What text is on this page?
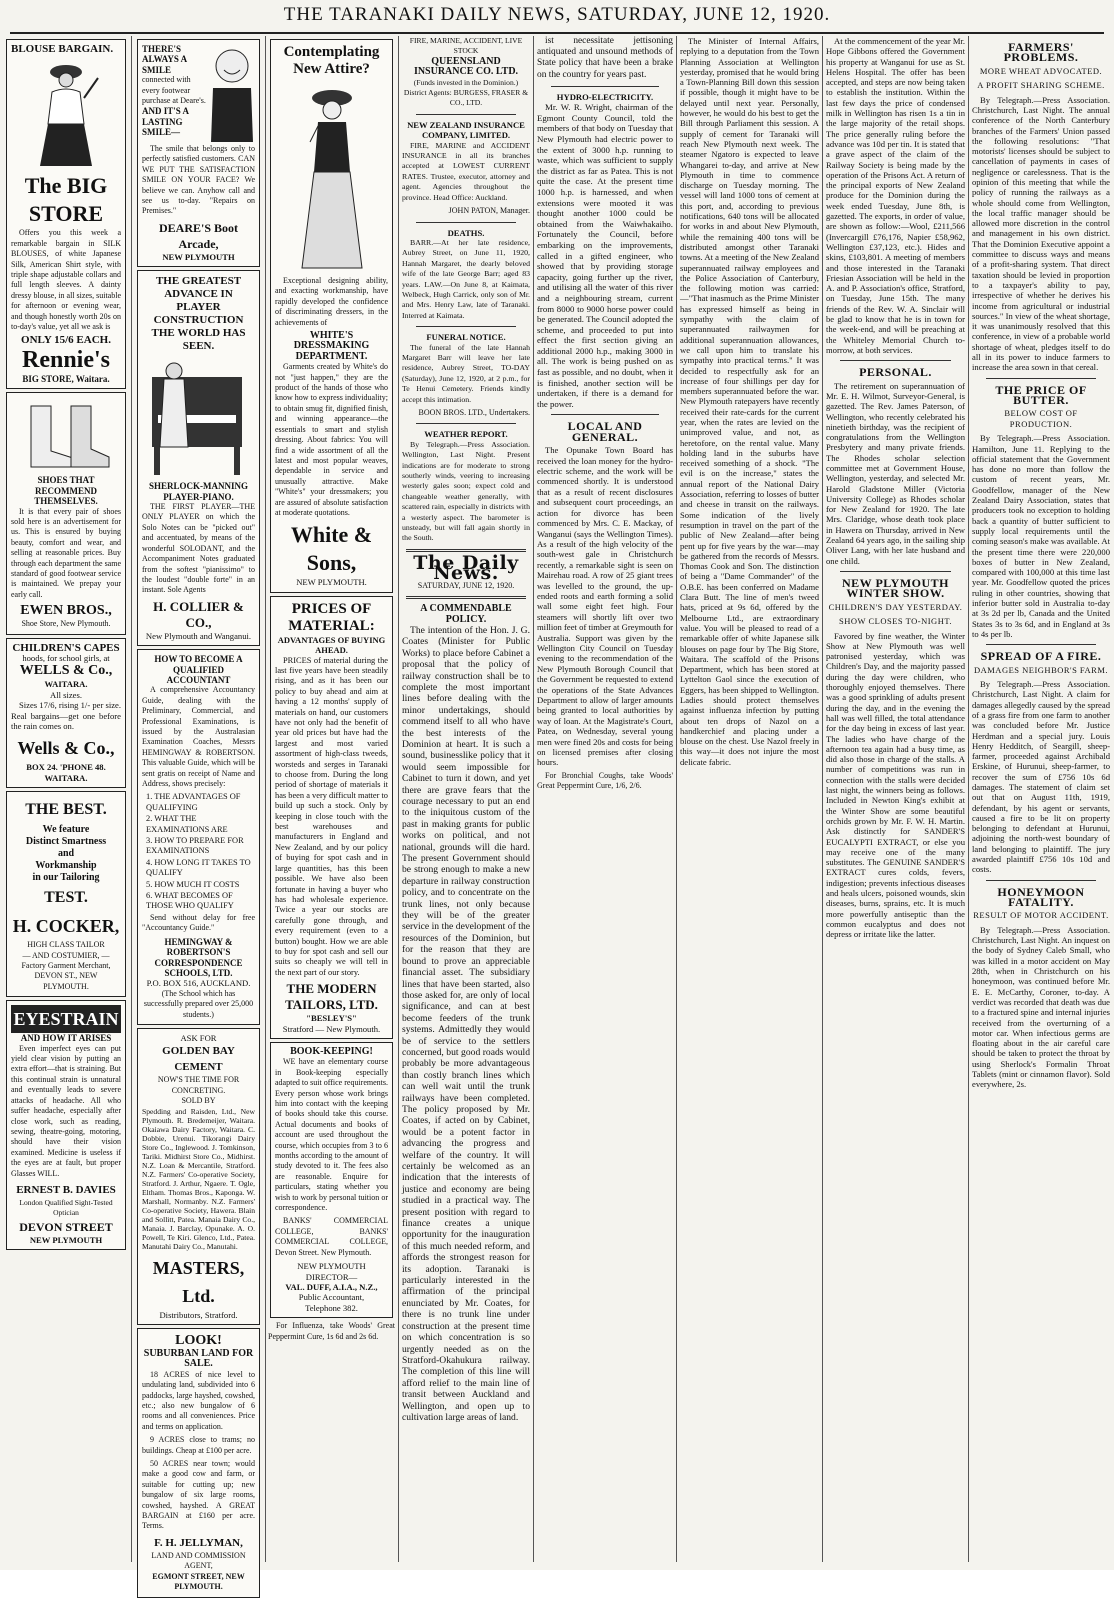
THE TARANAKI DAILY NEWS, SATURDAY, JUNE 12, 1920.
BLOUSE BARGAIN.
The BIG STORE

Offers you this week a remarkable bargain in SILK BLOUSES, of white Japanese Silk, American Shirt style, with triple shape adjustable collars and full length sleeves. A dainty dressy blouse, in all sizes, suitable for afternoon or evening wear, and though honestly worth 20s on to-day's value, yet all we ask is

ONLY 15/6 EACH.
Rennie's
BIG STORE, Waitara.
SHOES THAT RECOMMEND THEMSELVES.

It is that every pair of shoes sold here is an advertisement for us. This is ensured by buying beauty, comfort and wear, and selling at reasonable prices. Buy through each department the same standard of good footwear service is maintained. We prepay your early call.

EWEN BROS.,
Shoe Store, New Plymouth.
CHILDREN'S CAPES
hoods, for school girls, at
WELLS & Co.,
WAITARA.
All sizes.

Sizes 17/6, rising 1/- per size. Real bargains—get one before the rain comes on.

Wells & Co.,
BOX 24. 'PHONE 48.
WAITARA.
THE BEST.
We feature
Distinct Smartness
and
Workmanship
in our Tailoring
TEST.
H. COCKER,
HIGH CLASS TAILOR
— AND COSTUMIER, —
Factory Garment Merchant,
DEVON ST., NEW PLYMOUTH.
EYESTRAIN
AND HOW IT ARISES

Even imperfect eyes can put yield clear vision by putting an extra effort—that is straining. But this continual strain is unnatural and eventually leads to severe attacks of headache. All who suffer headache, especially after close work, such as reading, sewing, theatre-going, motoring, should have their vision examined. Medicine is useless if the eyes are at fault, but proper Glasses WILL.

ERNEST B. DAVIES
London Qualified Sight-Tested Optician
DEVON STREET
NEW PLYMOUTH
THERE'S
ALWAYS A
SMILE
connected with every footwear purchase at Deare's.
AND IT'S A
LASTING
SMILE—

The smile that belongs only to perfectly satisfied customers. CAN WE PUT THE SATISFACTION SMILE ON YOUR FACE? We believe we can. Anyhow call and see us to-day. "Repairs on Premises."

DEARE'S Boot Arcade,
NEW PLYMOUTH
THE GREATEST ADVANCE IN PLAYER CONSTRUCTION THE WORLD HAS SEEN.
SHERLOCK-MANNING PLAYER-PIANO.

THE FIRST PLAYER—THE ONLY PLAYER on which the Solo Notes can be "picked out" and accentuated, by means of the wonderful SOLODANT, and the Accompaniment Notes graduated from the softest "pianissimo" to the loudest "double forte" in an instant. Sole Agents

H. COLLIER & CO.,
New Plymouth and Wanganui.
HOW TO BECOME A QUALIFIED ACCOUNTANT

A comprehensive Accountancy Guide, dealing with the Preliminary, Commercial, and Professional Examinations, is issued by the Australasian Examination Coaches, Messrs HEMINGWAY & ROBERTSON. This valuable Guide, which will be sent gratis on receipt of Name and Address, shows precisely:

1. THE ADVANTAGES OF QUALIFYING
2. WHAT THE EXAMINATIONS ARE
3. HOW TO PREPARE FOR EXAMINATIONS
4. HOW LONG IT TAKES TO QUALIFY
5. HOW MUCH IT COSTS
6. WHAT BECOMES OF THOSE WHO QUALIFY

Send without delay for free "Accountancy Guide."

HEMINGWAY & ROBERTSON'S CORRESPONDENCE SCHOOLS, LTD.
P.O. BOX 516, AUCKLAND.
(The School which has successfully prepared over 25,000 students.)
ASK FOR
GOLDEN BAY CEMENT
NOW'S THE TIME FOR CONCRETING.
SOLD BY

Spedding and Raisden, Ltd., New Plymouth. R. Bredemeijer, Waitara. Okaiawa Dairy Factory, Waitara. C. Dobbie, Urenui. Tikorangi Dairy Store Co., Inglewood. J. Tomkinson, Tariki. Midhirst Store Co., Midhirst. N.Z. Loan & Mercantile, Stratford. N.Z. Farmers' Co-operative Society, Stratford. J. Arthur, Ngaere. T. Ogle, Eltham. Thomas Bros., Kaponga. W. Marshall, Normanby. N.Z. Farmers' Co-operative Society, Hawera. Blain and Sollitt, Patea. Manaia Dairy Co., Manaia. J. Barclay, Opunake. A. O. Powell, Te Kiri. Glenco, Ltd., Patea. Manutahi Dairy Co., Manutahi.

MASTERS, Ltd.
Distributors, Stratford.
LOOK!
SUBURBAN LAND FOR SALE.

18 ACRES of nice level to undulating land, subdivided into 6 paddocks, large hayshed, cowshed, etc.; also new bungalow of 6 rooms and all conveniences. Price and terms on application.

9 ACRES close to trams; no buildings. Cheap at £100 per acre.

50 ACRES near town; would make a good cow and farm, or suitable for cutting up; new bungalow of six large rooms, cowshed, hayshed. A GREAT BARGAIN at £160 per acre. Terms.

F. H. JELLYMAN,
LAND AND COMMISSION AGENT,
EGMONT STREET, NEW PLYMOUTH.
Contemplating New Attire?

Exceptional designing ability, and exacting workmanship, have rapidly developed the confidence of discriminating dressers, in the achievements of

WHITE'S DRESSMAKING DEPARTMENT.

Garments created by White's do not "just happen," they are the product of the hands of those who know how to express individuality; to obtain smug fit, dignified finish, and winning appearance—the essentials to smart and stylish dressing. About fabrics: You will find a wide assortment of all the latest and most popular weaves, dependable in service and unusually attractive. Make "White's" your dressmakers; you are assured of absolute satisfaction at moderate quotations.

White & Sons,
NEW PLYMOUTH.
PRICES OF MATERIAL:
ADVANTAGES OF BUYING AHEAD.

PRICES of material during the last five years have been steadily rising, and as it has been our policy to buy ahead and aim at having a 12 months' supply of materials on hand, our customers have not only had the benefit of year old prices but have had the largest and most varied assortment of high-class tweeds, worsteds and serges in Taranaki to choose from. During the long period of shortage of materials it has been a very difficult matter to build up such a stock. Only by keeping in close touch with the best warehouses and manufacturers in England and New Zealand, and by our policy of buying for spot cash and in large quantities, has this been possible. We have also been fortunate in having a buyer who has had wholesale experience. Twice a year our stocks are carefully gone through, and every requirement (even to a button) bought. How we are able to buy for spot cash and sell our suits so cheaply we will tell in the next part of our story.

THE MODERN TAILORS, LTD.
"BESLEY'S"
Stratford — New Plymouth.
BOOK-KEEPING!

WE have an elementary course in Book-keeping especially adapted to suit office requirements. Every person whose work brings him into contact with the keeping of books should take this course. Actual documents and books of account are used throughout the course, which occupies from 3 to 6 months according to the amount of study devoted to it. The fees also are reasonable. Enquire for particulars, stating whether you wish to work by personal tuition or correspondence.

BANKS' COMMERCIAL COLLEGE, BANKS' COMMERCIAL COLLEGE, Devon Street. New Plymouth.

NEW PLYMOUTH DIRECTOR—
VAL. DUFF, A.I.A., N.Z.,
Public Accountant,
Telephone 382.

For Influenza, take Woods' Great Peppermint Cure, 1s 6d and 2s 6d.

FIRE, MARINE, ACCIDENT, LIVE STOCK
QUEENSLAND INSURANCE CO. LTD.
(Funds invested in the Dominion.) District Agents: BURGESS, FRASER & CO., LTD.
NEW ZEALAND INSURANCE COMPANY, LIMITED.

FIRE, MARINE and ACCIDENT INSURANCE in all its branches accepted at LOWEST CURRENT RATES. Trustee, executor, attorney and agent. Agencies throughout the province. Head Office: Auckland.

JOHN PATON, Manager.
DEATHS.

BARR.—At her late residence, Aubrey Street, on June 11, 1920, Hannah Margaret, the dearly beloved wife of the late George Barr; aged 83 years. LAW.—On June 8, at Kaimata, Welbeck, Hugh Carrick, only son of Mr. and Mrs. Henry Law, late of Taranaki. Interred at Kaimata.

FUNERAL NOTICE.

The funeral of the late Hannah Margaret Barr will leave her late residence, Aubrey Street, TO-DAY (Saturday), June 12, 1920, at 2 p.m., for Te Henui Cemetery. Friends kindly accept this intimation.

BOON BROS. LTD., Undertakers.
WEATHER REPORT.

By Telegraph.—Press Association. Wellington, Last Night. Present indications are for moderate to strong southerly winds, veering to increasing westerly gales soon; expect cold and changeable weather generally, with scattered rain, especially in districts with a westerly aspect. The barometer is unsteady, but will fall again shortly in the South.

The Daily News.
SATURDAY, JUNE 12, 1920.
A COMMENDABLE POLICY.

The intention of the Hon. J. G. Coates (Minister for Public Works) to place before Cabinet a proposal that the policy of railway construction shall be to complete the most important lines before dealing with the minor undertakings, should commend itself to all who have the best interests of the Dominion at heart. It is such a sound, businesslike policy that it would seem impossible for Cabinet to turn it down, and yet there are grave fears that the courage necessary to put an end to the iniquitous custom of the past in making grants for public works on political, and not national, grounds will die hard. The present Government should be strong enough to make a new departure in railway construction policy, and to concentrate on the trunk lines, not only because they will be of the greater service in the development of the resources of the Dominion, but for the reason that they are bound to prove an appreciable financial asset. The subsidiary lines that have been started, also those asked for, are only of local significance, and can at best become feeders of the trunk systems. Admittedly they would be of service to the settlers concerned, but good roads would probably be more advantageous than costly branch lines which can well wait until the trunk railways have been completed. The policy proposed by Mr. Coates, if acted on by Cabinet, would be a potent factor in advancing the progress and welfare of the country. It will certainly be welcomed as an indication that the interests of justice and economy are being studied in a practical way. The present position with regard to finance creates a unique opportunity for the inauguration of this much needed reform, and affords the strongest reason for its adoption. Taranaki is particularly interested in the affirmation of the principal enunciated by Mr. Coates, for there is no trunk line under construction at the present time on which concentration is so urgently needed as on the Stratford-Okahukura railway. The completion of this line will afford relief to the main line of transit between Auckland and Wellington, and open up to cultivation large areas of land.

ist necessitate jettisoning antiquated and unsound methods of State policy that have been a brake on the country for years past.

HYDRO-ELECTRICITY.

Mr. W. R. Wright, chairman of the Egmont County Council, told the members of that body on Tuesday that New Plymouth had electric power to the extent of 3000 h.p. running to waste, which was sufficient to supply the district as far as Patea. This is not quite the case. At the present time 1000 h.p. is harnessed, and when extensions were mooted it was thought another 1000 could be obtained from the Waiwhakaiho. Fortunately the Council, before embarking on the improvements, called in a gifted engineer, who showed that by providing storage capacity, going further up the river, and utilising all the water of this river and a neighbouring stream, current from 8000 to 9000 horse power could be generated. The Council adopted the scheme, and proceeded to put into effect the first section giving an additional 2000 h.p., making 3000 in all. The work is being pushed on as fast as possible, and no doubt, when it is finished, another section will be undertaken, if there is a demand for the power.

LOCAL AND GENERAL.

The Opunake Town Board has received the loan money for the hydro-electric scheme, and the work will be commenced shortly. It is understood that as a result of recent disclosures and subsequent court proceedings, an action for divorce has been commenced by Mrs. C. E. Mackay, of Wanganui (says the Wellington Times). As a result of the high velocity of the south-west gale in Christchurch recently, a remarkable sight is seen on Mairehau road. A row of 25 giant trees was levelled to the ground, the up-ended roots and earth forming a solid wall some eight feet high. Four steamers will shortly lift over two million feet of timber at Greymouth for Australia. Support was given by the Wellington City Council on Tuesday evening to the recommendation of the New Plymouth Borough Council that the Government be requested to extend the operations of the State Advances Department to allow of larger amounts being granted to local authorities by way of loan. At the Magistrate's Court, Patea, on Wednesday, several young men were fined 20s and costs for being on licensed premises after closing hours.

For Bronchial Coughs, take Woods' Great Peppermint Cure, 1/6, 2/6.

The Minister of Internal Affairs, replying to a deputation from the Town Planning Association at Wellington yesterday, promised that he would bring a Town-Planning Bill down this session if possible, though it might have to be delayed until next year. Personally, however, he would do his best to get the Bill through Parliament this session. A supply of cement for Taranaki will reach New Plymouth next week. The steamer Ngatoro is expected to leave Whangarei to-day, and arrive at New Plymouth in time to commence discharge on Tuesday morning. The vessel will land 1000 tons of cement at this port, and, according to previous notifications, 640 tons will be allocated for works in and about New Plymouth, while the remaining 400 tons will be distributed amongst other Taranaki towns. At a meeting of the New Zealand superannuated railway employees and the Police Association of Canterbury, the following motion was carried:—"That inasmuch as the Prime Minister has expressed himself as being in sympathy with the claim of superannuated railwaymen for additional superannuation allowances, we call upon him to translate his sympathy into practical terms." It was decided to respectfully ask for an increase of four shillings per day for members superannuated before the war. New Plymouth ratepayers have recently received their rate-cards for the current year, when the rates are levied on the unimproved value, and not, as heretofore, on the rental value. Many holding land in the suburbs have received something of a shock. "The evil is on the increase," states the annual report of the National Dairy Association, referring to losses of butter and cheese in transit on the railways. Some indication of the lively resumption in travel on the part of the public of New Zealand—after being pent up for five years by the war—may be gathered from the records of Messrs. Thomas Cook and Son. The distinction of being a "Dame Commander" of the O.B.E. has been conferred on Madame Clara Butt. The line of men's tweed hats, priced at 9s 6d, offered by the Melbourne Ltd., are extraordinary value. You will be pleased to read of a remarkable offer of white Japanese silk blouses on page four by The Big Store, Waitara. The scaffold of the Prisons Department, which has been stored at Lyttelton Gaol since the execution of Eggers, has been shipped to Wellington. Ladies should protect themselves against influenza infection by putting about ten drops of Nazol on a handkerchief and placing under a blouse on the chest. Use Nazol freely in this way—it does not injure the most delicate fabric.

At the commencement of the year Mr. Hope Gibbons offered the Government his property at Wanganui for use as St. Helens Hospital. The offer has been accepted, and steps are now being taken to establish the institution. Within the last few days the price of condensed milk in Wellington has risen 1s a tin in the large majority of the retail shops. The price generally ruling before the advance was 10d per tin. It is stated that a grave aspect of the claim of the Railway Society is being made by the operation of the Prisons Act. A return of the principal exports of New Zealand produce for the Dominion during the week ended Tuesday, June 8th, is gazetted. The exports, in order of value, are shown as follow:—Wool, £211,566 (Invercargill £76,176, Napier £58,962, Wellington £37,123, etc.). Hides and skins, £103,801. A meeting of members and those interested in the Taranaki Friesian Association will be held in the A. and P. Association's office, Stratford, on Tuesday, June 15th. The many friends of the Rev. W. A. Sinclair will be glad to know that he is in town for the week-end, and will be preaching at the Whiteley Memorial Church to-morrow, at both services.

PERSONAL.

The retirement on superannuation of Mr. E. H. Wilmot, Surveyor-General, is gazetted. The Rev. James Paterson, of Wellington, who recently celebrated his ninetieth birthday, was the recipient of congratulations from the Wellington Presbytery and many private friends. The Rhodes scholar selection committee met at Government House, Wellington, yesterday, and selected Mr. Harold Gladstone Miller (Victoria University College) as Rhodes scholar for New Zealand for 1920. The late Mrs. Claridge, whose death took place in Hawera on Thursday, arrived in New Zealand 64 years ago, in the sailing ship Oliver Lang, with her late husband and one child.

NEW PLYMOUTH WINTER SHOW.
CHILDREN'S DAY YESTERDAY.
SHOW CLOSES TO-NIGHT.

Favored by fine weather, the Winter Show at New Plymouth was well patronised yesterday, which was Children's Day, and the majority passed during the day were children, who thoroughly enjoyed themselves. There was a good sprinkling of adults present during the day, and in the evening the hall was well filled, the total attendance for the day being in excess of last year. The ladies who have charge of the afternoon tea again had a busy time, as did also those in charge of the stalls. A number of competitions was run in connection with the stalls were decided last night, the winners being as follows. Included in Newton King's exhibit at the Winter Show are some beautiful orchids grown by Mr. F. W. H. Martin. Ask distinctly for SANDER'S EUCALYPTI EXTRACT, or else you may receive one of the many substitutes. The GENUINE SANDER'S EXTRACT cures colds, fevers, indigestion; prevents infectious diseases and heals ulcers, poisoned wounds, skin diseases, burns, sprains, etc. It is much more powerfully antiseptic than the common eucalyptus and does not depress or irritate like the latter.

FARMERS' PROBLEMS.
MORE WHEAT ADVOCATED.
A PROFIT SHARING SCHEME.

By Telegraph.—Press Association. Christchurch, Last Night. The annual conference of the North Canterbury branches of the Farmers' Union passed the following resolutions: "That motorists' licenses should be subject to cancellation of payments in cases of negligence or carelessness. That is the opinion of this meeting that while the policy of running the railways as a whole should come from Wellington, the local traffic manager should be allowed more discretion in the control and management in his own district. That the Dominion Executive appoint a committee to discuss ways and means of a profit-sharing system. That direct taxation should be levied in proportion to a taxpayer's ability to pay, irrespective of whether he derives his income from agricultural or industrial sources." In view of the wheat shortage, it was unanimously resolved that this conference, in view of a probable world shortage of wheat, pledges itself to do all in its power to induce farmers to increase the area sown in that cereal.

THE PRICE OF BUTTER.
BELOW COST OF PRODUCTION.

By Telegraph.—Press Association. Hamilton, June 11. Replying to the official statement that the Government has done no more than follow the custom of recent years, Mr. Goodfellow, manager of the New Zealand Dairy Association, states that producers took no exception to holding back a quantity of butter sufficient to supply local requirements until the coming season's make was available. At the present time there were 220,000 boxes of butter in New Zealand, compared with 100,000 at this time last year. Mr. Goodfellow quoted the prices ruling in other countries, showing that inferior butter sold in Australia to-day at 3s 2d per lb, Canada and the United States 3s to 3s 6d, and in England at 3s to 4s per lb.

SPREAD OF A FIRE.
DAMAGES NEIGHBOR'S FARM.

By Telegraph.—Press Association. Christchurch, Last Night. A claim for damages allegedly caused by the spread of a grass fire from one farm to another was concluded before Mr. Justice Herdman and a special jury. Louis Henry Hedditch, of Seargill, sheep-farmer, proceeded against Archibald Erskine, of Hurunui, sheep-farmer, to recover the sum of £756 10s 6d damages. The statement of claim set out that on August 11th, 1919, defendant, by his agent or servants, caused a fire to be lit on property belonging to defendant at Hurunui, adjoining the north-west boundary of land belonging to plaintiff. The jury awarded plaintiff £756 10s 10d and costs.

HONEYMOON FATALITY.
RESULT OF MOTOR ACCIDENT.

By Telegraph.—Press Association. Christchurch, Last Night. An inquest on the body of Sydney Caleb Small, who was killed in a motor accident on May 28th, when in Christchurch on his honeymoon, was continued before Mr. E. E. McCarthy, Coroner, to-day. A verdict was recorded that death was due to a fractured spine and internal injuries received from the overturning of a motor car. When infectious germs are floating about in the air careful care should be taken to protect the throat by using Sherlock's Formalin Throat Tablets (mint or cinnamon flavor). Sold everywhere, 2s.
